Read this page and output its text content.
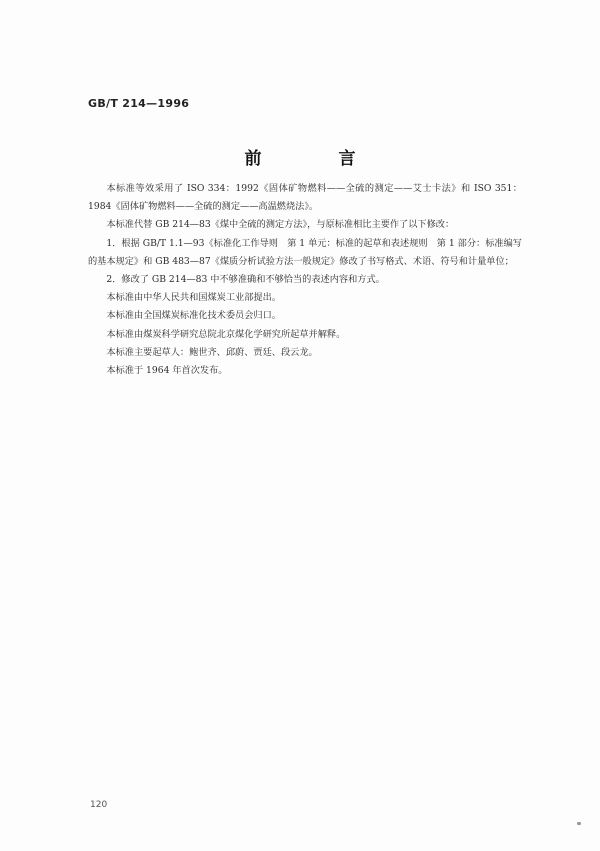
GB/T 214—1996
前　言

本标准等效采用了 ISO 334：1992《固体矿物燃料——全硫的测定——艾士卡法》和 ISO 351：1984《固体矿物燃料——全硫的测定——高温燃烧法》。

本标准代替 GB 214—83《煤中全硫的测定方法》，与原标准相比主要作了以下修改：

1．根据 GB/T 1.1—93《标准化工作导则　第 1 单元：标准的起草和表述规则　第 1 部分：标准编写的基本规定》和 GB 483—87《煤质分析试验方法一般规定》修改了书写格式、术语、符号和计量单位；

2．修改了 GB 214—83 中不够准确和不够恰当的表述内容和方式。

本标准由中华人民共和国煤炭工业部提出。

本标准由全国煤炭标准化技术委员会归口。

本标准由煤炭科学研究总院北京煤化学研究所起草并解释。

本标准主要起草人：鲍世齐、邱蔚、贾廷、段云龙。

本标准于 1964 年首次发布。

120
